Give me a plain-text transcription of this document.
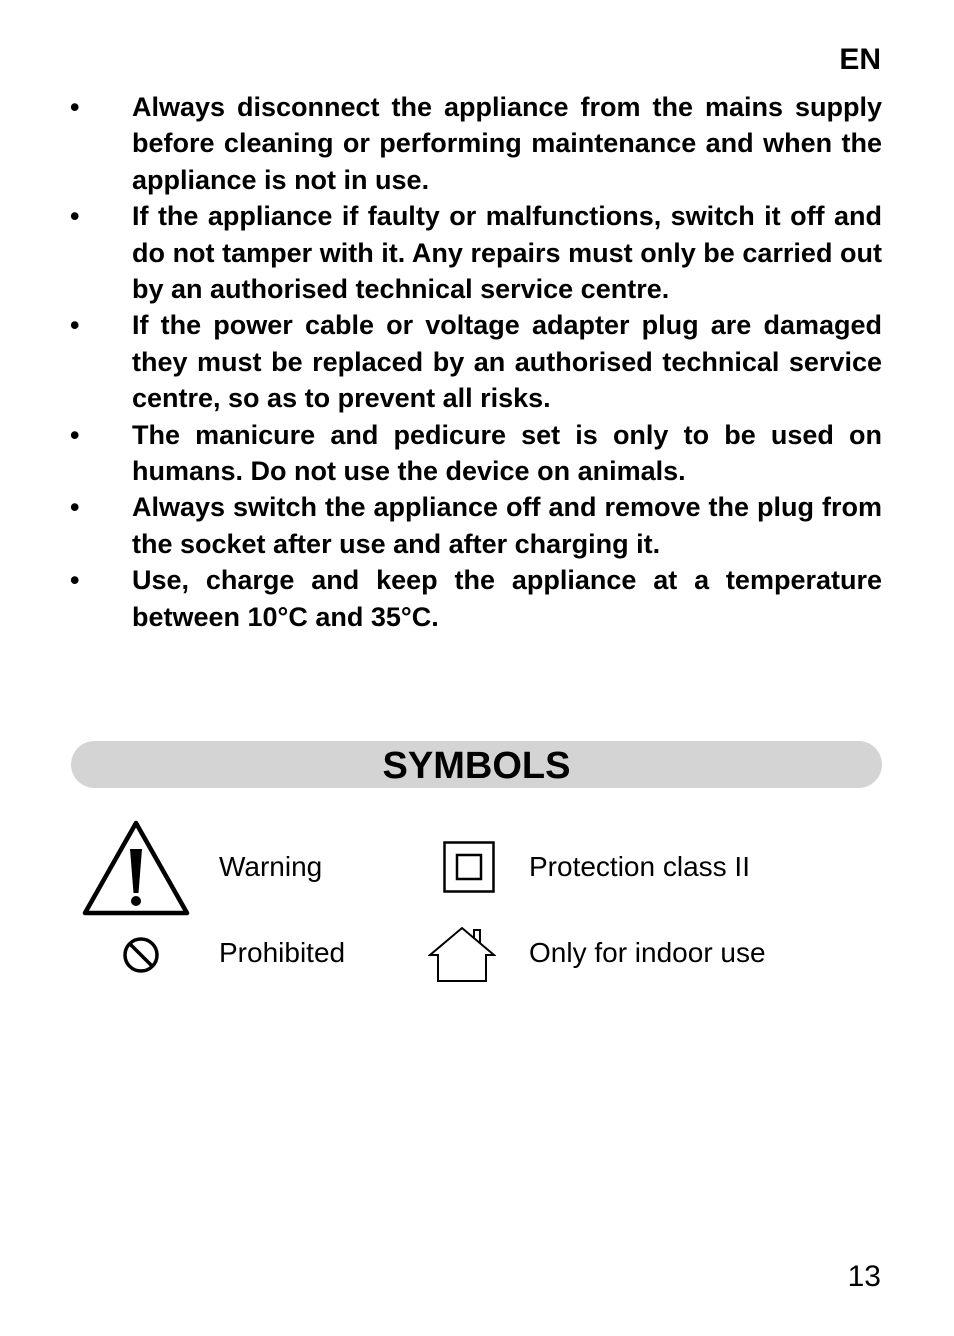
EN
• Always disconnect the appliance from the mains supply before cleaning or performing maintenance and when the appliance is not in use.
• If the appliance if faulty or malfunctions, switch it off and do not tamper with it. Any repairs must only be carried out by an authorised technical service centre.
• If the power cable or voltage adapter plug are damaged they must be replaced by an authorised technical service centre, so as to prevent all risks.
• The manicure and pedicure set is only to be used on humans. Do not use the device on animals.
• Always switch the appliance off and remove the plug from the socket after use and after charging it.
• Use, charge and keep the appliance at a temperature between 10°C and 35°C.
SYMBOLS
Warning	Protection class II
Prohibited	Only for indoor use
13
